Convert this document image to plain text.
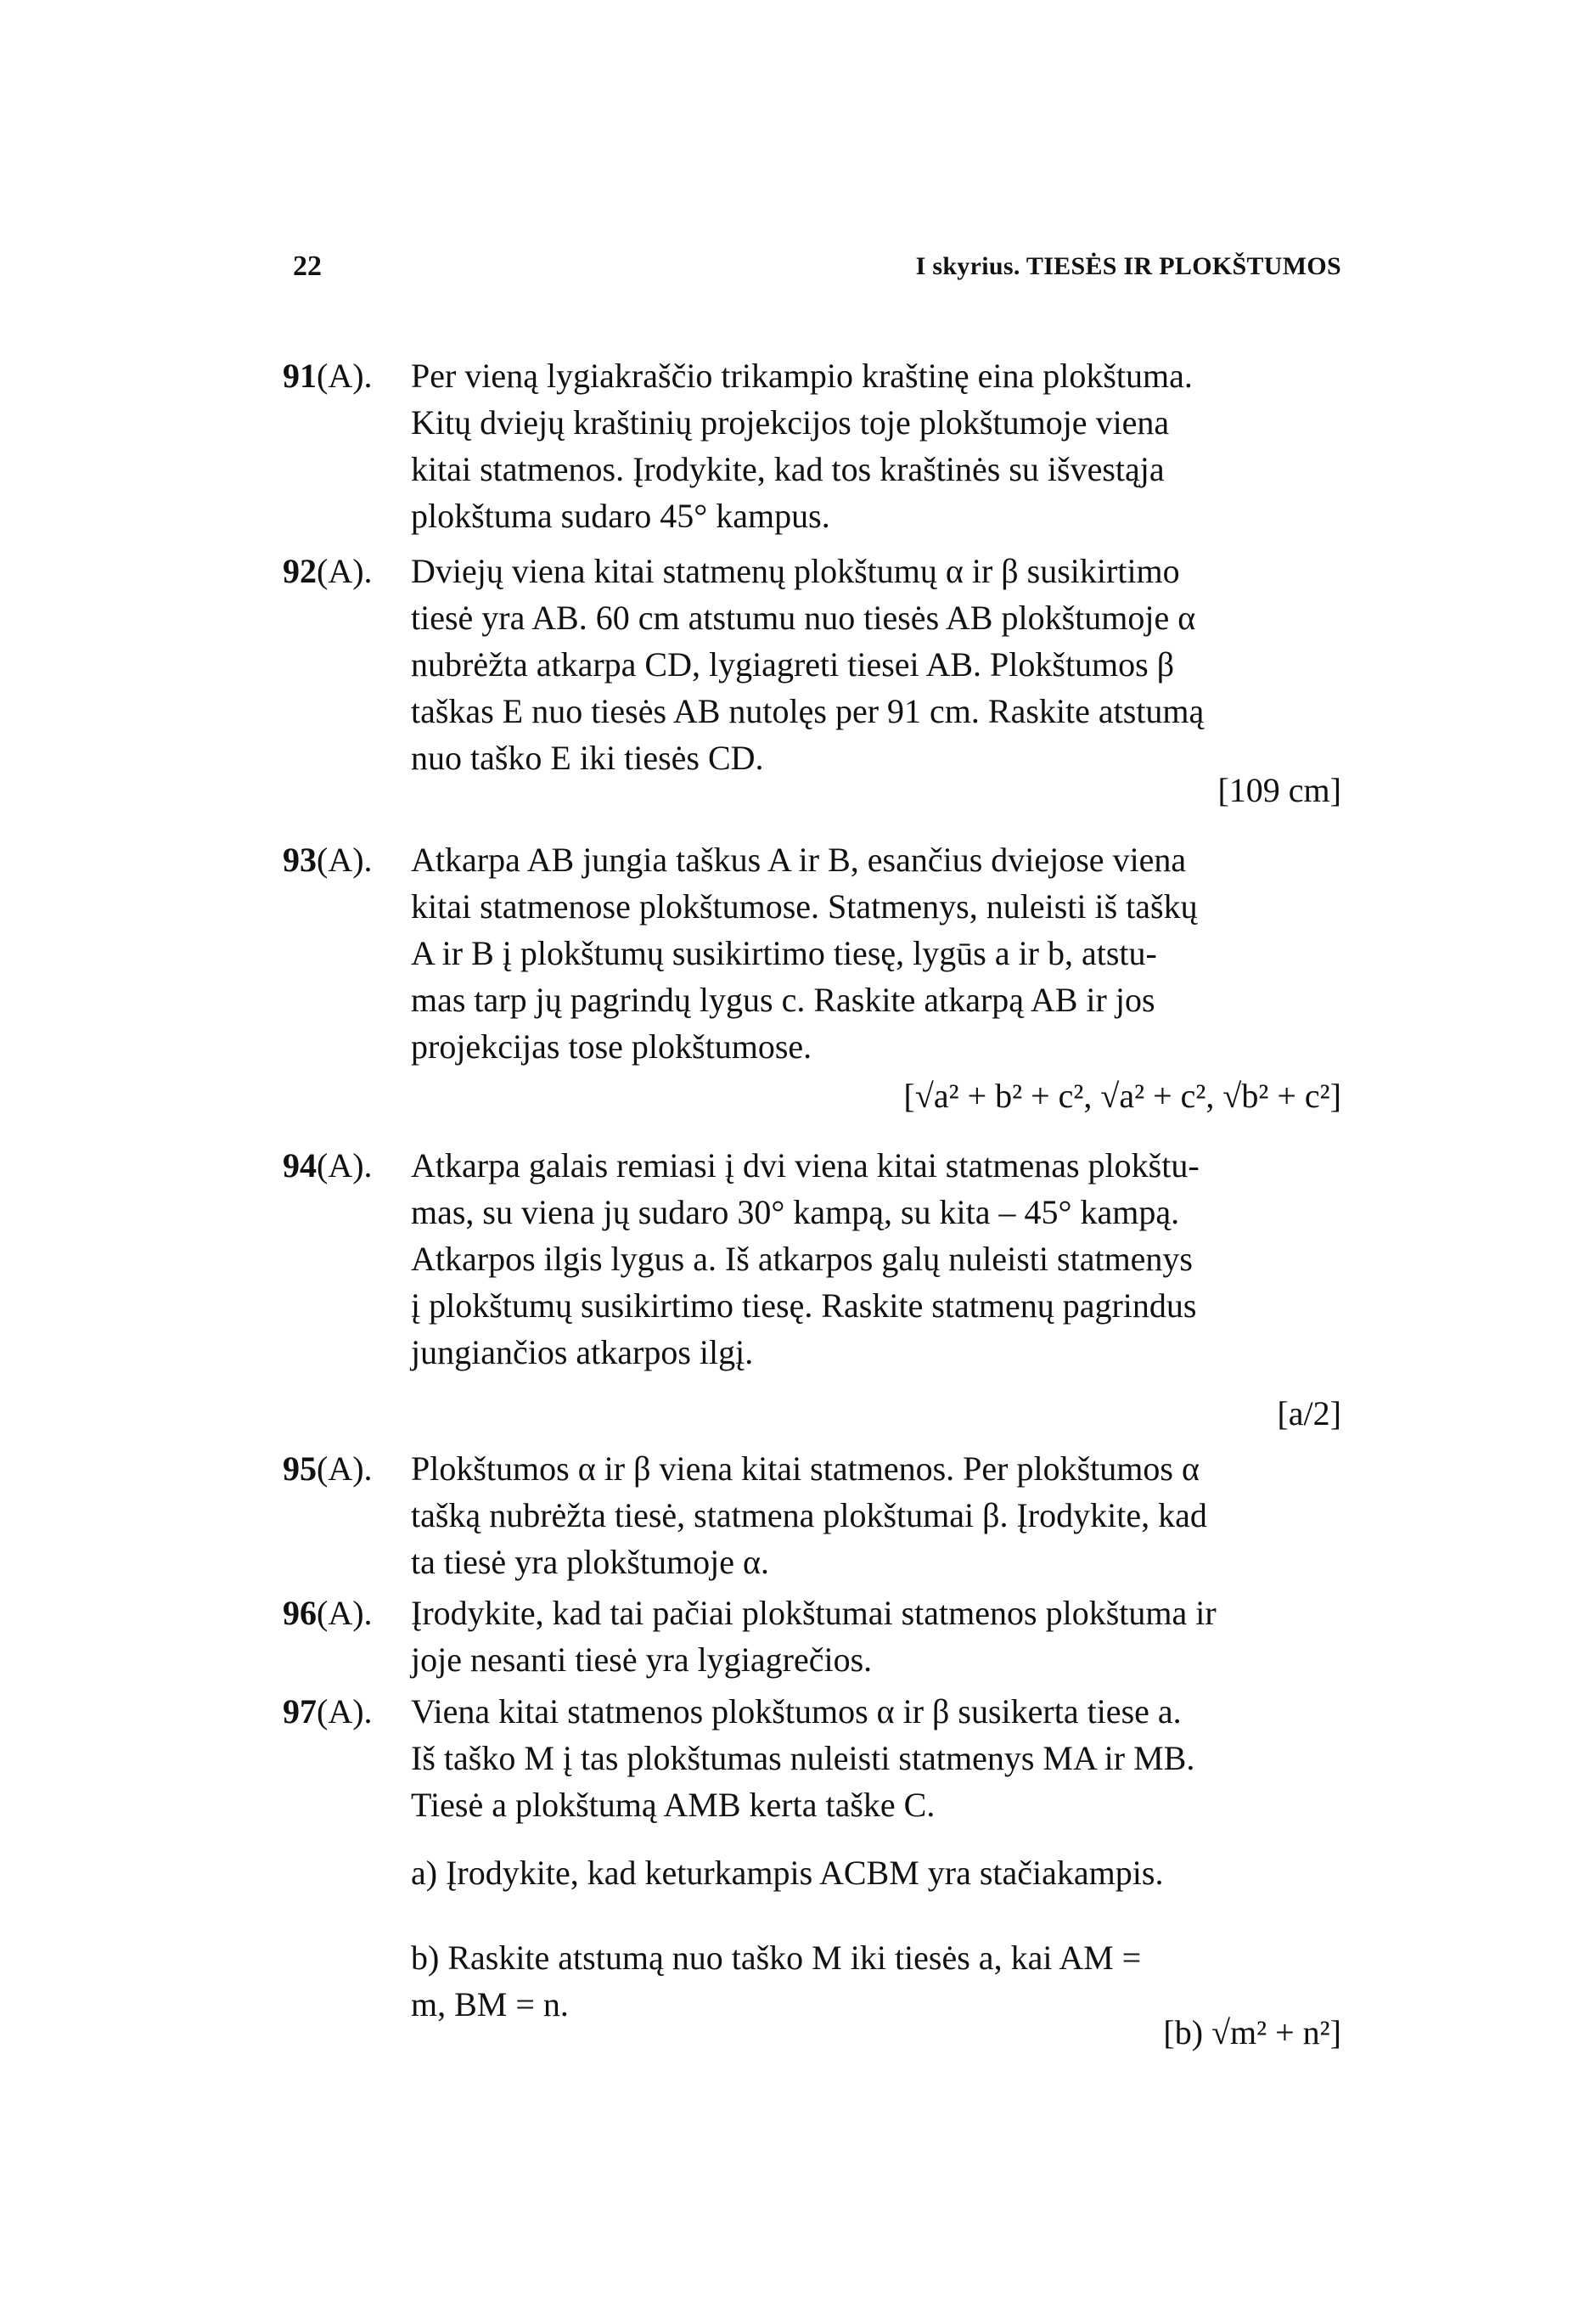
22	I skyrius. TIESĖS IR PLOKŠTUMOS
91(A).	Per vieną lygiakraščio trikampio kraštinę eina plokštuma.
Kitų dviejų kraštinių projekcijos toje plokštumoje viena
kitai statmenos. Įrodykite, kad tos kraštinės su išvestąja
plokštuma sudaro 45° kampus.
92(A).	Dviejų viena kitai statmenų plokštumų α ir β susikirtimo
tiesė yra AB. 60 cm atstumu nuo tiesės AB plokštumoje α
nubrėžta atkarpa CD, lygiagreti tiesei AB. Plokštumos β
taškas E nuo tiesės AB nutolęs per 91 cm. Raskite atstumą
nuo taško E iki tiesės CD.
[109 cm]
93(A).	Atkarpa AB jungia taškus A ir B, esančius dviejose viena
kitai statmenose plokštumose. Statmenys, nuleisti iš taškų
A ir B į plokštumų susikirtimo tiesę, lygūs a ir b, atstu-
mas tarp jų pagrindų lygus c. Raskite atkarpą AB ir jos
projekcijas tose plokštumose.
[√a² + b² + c², √a² + c², √b² + c²]
94(A).	Atkarpa galais remiasi į dvi viena kitai statmenas plokštu-
mas, su viena jų sudaro 30° kampą, su kita – 45° kampą.
Atkarpos ilgis lygus a. Iš atkarpos galų nuleisti statmenys
į plokštumų susikirtimo tiesę. Raskite statmenų pagrindus
jungiančios atkarpos ilgį.
[a/2]
95(A).	Plokštumos α ir β viena kitai statmenos. Per plokštumos α
tašką nubrėžta tiesė, statmena plokštumai β. Įrodykite, kad
ta tiesė yra plokštumoje α.
96(A).	Įrodykite, kad tai pačiai plokštumai statmenos plokštuma ir
joje nesanti tiesė yra lygiagrečios.
97(A).	Viena kitai statmenos plokštumos α ir β susikerta tiese a.
Iš taško M į tas plokštumas nuleisti statmenys MA ir MB.
Tiesė a plokštumą AMB kerta taške C.
a) Įrodykite, kad keturkampis ACBM yra stačiakampis.
b) Raskite atstumą nuo taško M iki tiesės a, kai AM =
m, BM = n.
[b) √m² + n²]
